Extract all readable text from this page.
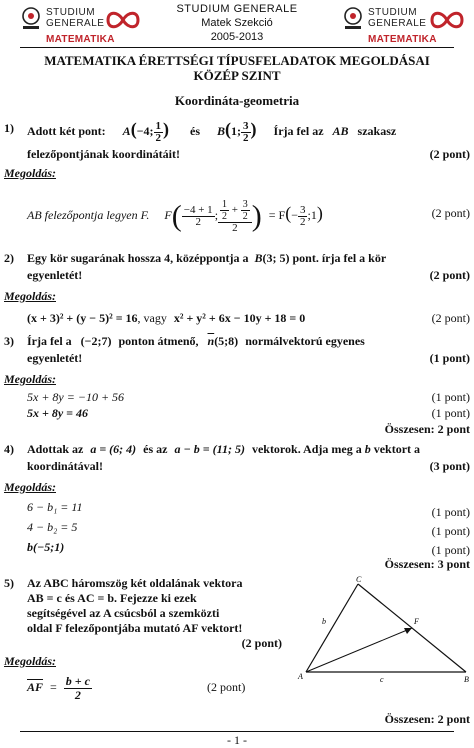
STUDIUM
GENERALE
MATEMATIKA
STUDIUM GENERALE
Matek Szekció
2005-2013
STUDIUM
GENERALE
MATEMATIKA
MATEMATIKA ÉRETTSÉGI TÍPUSFELADATOK MEGOLDÁSAI
KÖZÉP SZINT
Koordináta-geometria
1) Adott két pont: A(−4; $\frac{1}{2}$ ) és B(1; $\frac{3}{2}$ ) Írja fel az AB szakasz
felezőpontjának koordinátáit!	(2 pont)
Megoldás:
AB felezőpontja legyen F. $F( \frac{-4 + 1}{2}$ ; $\frac{\frac{1}{2} + \frac{3}{2}}{2}$ ) = $F(- \frac{3}{2}$ ;1)	(2 pont)
2) Egy kör sugarának hossza 4, középpontja a B(3; 5) pont. írja fel a kör
egyenletét!	(2 pont)
Megoldás:
(x + 3)² + (y − 5)² = 16, vagy x² + y² + 6x − 10y + 18 = 0	(2 pont)
3) Írja fel a (−2;7) ponton átmenő, $\overline{n}(5;8)$ normálvektorú egyenes
egyenletét!	(1 pont)
Megoldás:
5x + 8y = −10 + 56	(1 pont)
5x + 8y = 46	(1 pont)
Összesen: 2 pont
4) Adottak az a = (6; 4) és az a − b = (11; 5) vektorok. Adja meg a b vektort a
koordinátával!	(3 pont)
Megoldás:
6 − b₁ = 11	(1 pont)
4 − b₂ = 5	(1 pont)
b(−5;1)	(1 pont)
Összesen: 3 pont
5) Az ABC háromszög két oldalának vektora
AB = c és AC = b. Fejezze ki ezek
segítségével az A csúcsból a szemközti
oldal F felezőpontjába mutató AF vektort!
(2 pont)
A	B
C
F
b
c
Megoldás:
$\overline{AF} = \frac{b + c}{2}$	(2 pont)
Összesen: 2 pont
- 1 -
